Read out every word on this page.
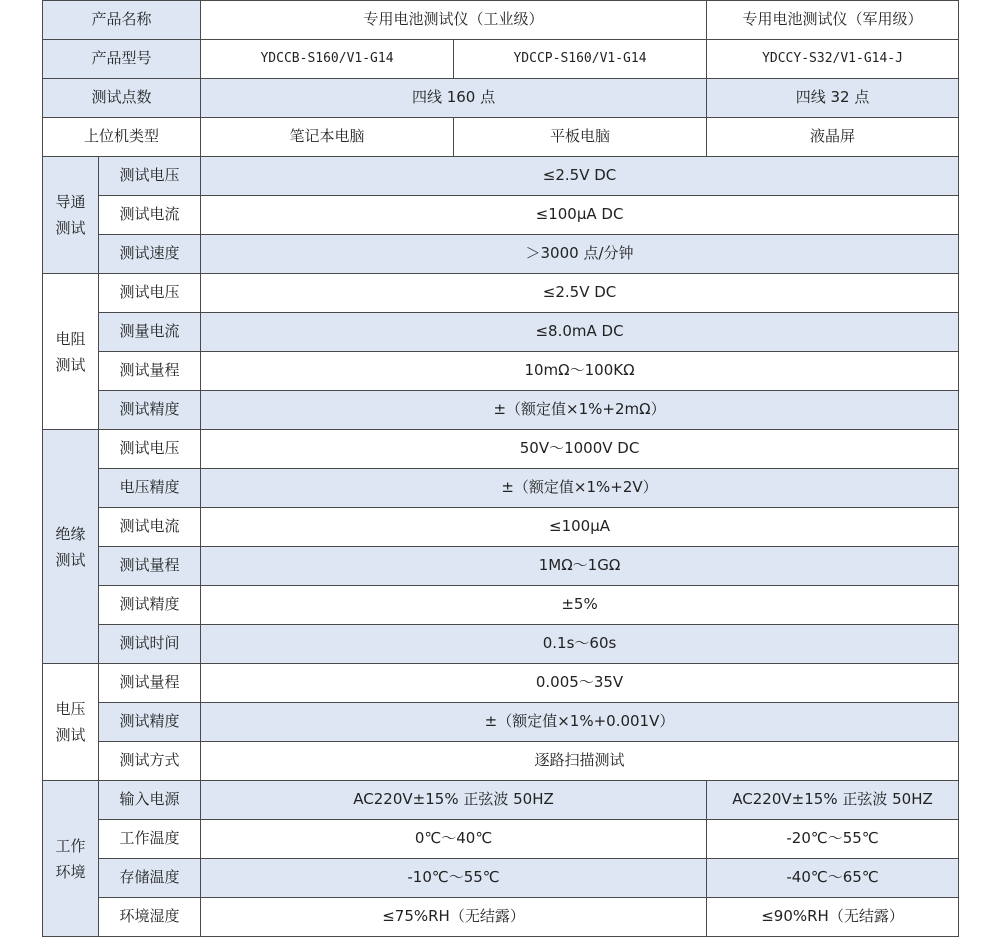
产品名称		专用电池测试仪（工业级）		专用电池测试仪（军用级）
产品型号		YDCCB-S160/V1-G14	YDCCP-S160/V1-G14	YDCCY-S32/V1-G14-J
测试点数		四线 160 点		四线 32 点
上位机类型		笔记本电脑	平板电脑	液晶屏
导通测试	测试电压	≤2.5V DC		
	测试电流	≤100μA DC		
	测试速度	＞3000 点/分钟		
电阻测试	测试电压	≤2.5V DC		
	测量电流	≤8.0mA DC		
	测试量程	10mΩ～100KΩ		
	测试精度	±（额定值×1%+2mΩ）		
绝缘测试	测试电压	50V～1000V DC		
	电压精度	±（额定值×1%+2V）		
	测试电流	≤100μA		
	测试量程	1MΩ～1GΩ		
	测试精度	±5%		
	测试时间	0.1s～60s		
电压测试	测试量程	0.005～35V		
	测试精度	±（额定值×1%+0.001V）		
	测试方式	逐路扫描测试		
工作环境	输入电源	AC220V±15% 正弦波 50HZ		AC220V±15% 正弦波 50HZ
	工作温度	0℃～40℃		-20℃～55℃
	存储温度	-10℃～55℃		-40℃～65℃
	环境湿度	≤75%RH（无结露）		≤90%RH（无结露）
